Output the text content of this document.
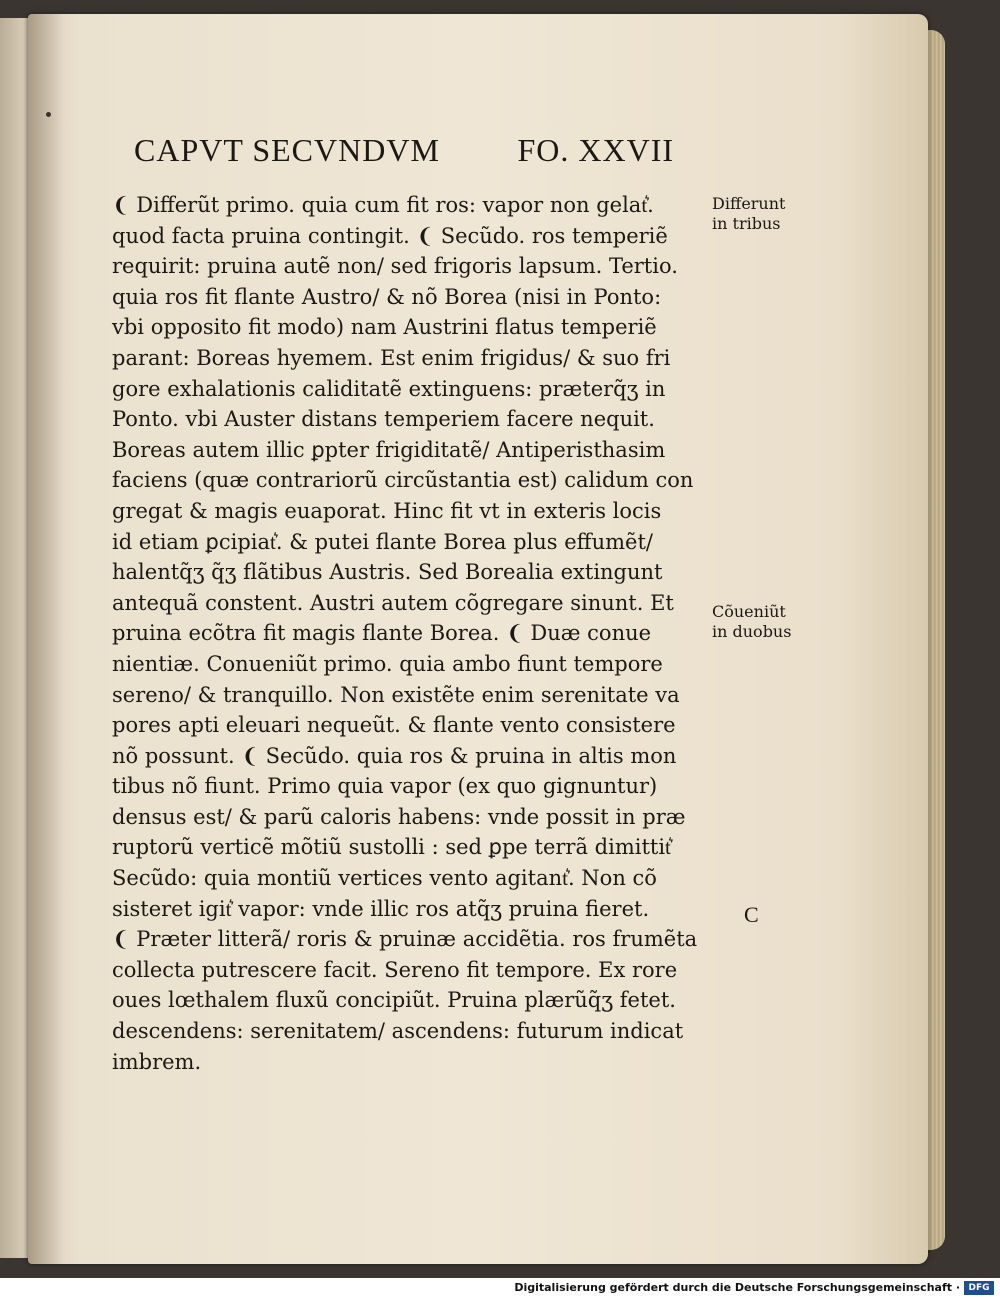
CAPVT SECVNDVM FO. XXVII
❨ Differũt primo. quia cum fit ros: vapor non gelat͛.
quod facta pruina contingit. ❨ Secũdo. ros temperiẽ
requirit: pruina autẽ non/ sed frigoris lapsum. Tertio.
quia ros fit flante Austro/ & nõ Borea (nisi in Ponto:
vbi opposito fit modo) nam Austrini flatus temperiẽ
parant: Boreas hyemem. Est enim frigidus/ & suo fri
gore exhalationis caliditatẽ extinguens: præterq̃ʒ in
Ponto. vbi Auster distans temperiem facere nequit.
Boreas autem illic ꝑpter frigiditatẽ/ Antiperisthasim
faciens (quæ contrariorũ circũstantia est) calidum con
gregat & magis euaporat. Hinc fit vt in exteris locis
id etiam ꝑcipiat͛. & putei flante Borea plus effumẽt/
halentq̃ʒ q̃ʒ flãtibus Austris. Sed Borealia extingunt
antequã constent. Austri autem cõgregare sinunt. Et
pruina ecõtra fit magis flante Borea. ❨ Duæ conue
nientiæ. Conueniũt primo. quia ambo fiunt tempore
sereno/ & tranquillo. Non existẽte enim serenitate va
pores apti eleuari nequeũt. & flante vento consistere
nõ possunt. ❨ Secũdo. quia ros & pruina in altis mon
tibus nõ fiunt. Primo quia vapor (ex quo gignuntur)
densus est/ & parũ caloris habens: vnde possit in præ
ruptorũ verticẽ mõtiũ sustolli : sed ꝑpe terrã dimittit͛
Secũdo: quia montiũ vertices vento agitant͛. Non cõ
sisteret igit͛ vapor: vnde illic ros atq̃ʒ pruina fieret.
❨ Præter litterã/ roris & pruinæ accidẽtia. ros frumẽta
collecta putrescere facit. Sereno fit tempore. Ex rore
oues lœthalem fluxũ concipiũt. Pruina plærũq̃ʒ fetet.
descendens: serenitatem/ ascendens: futurum indicat
imbrem.
Differunt
in tribus
Cõueniũt
in duobus
C
Digitalisierung gefördert durch die Deutsche Forschungsgemeinschaft · DFG
